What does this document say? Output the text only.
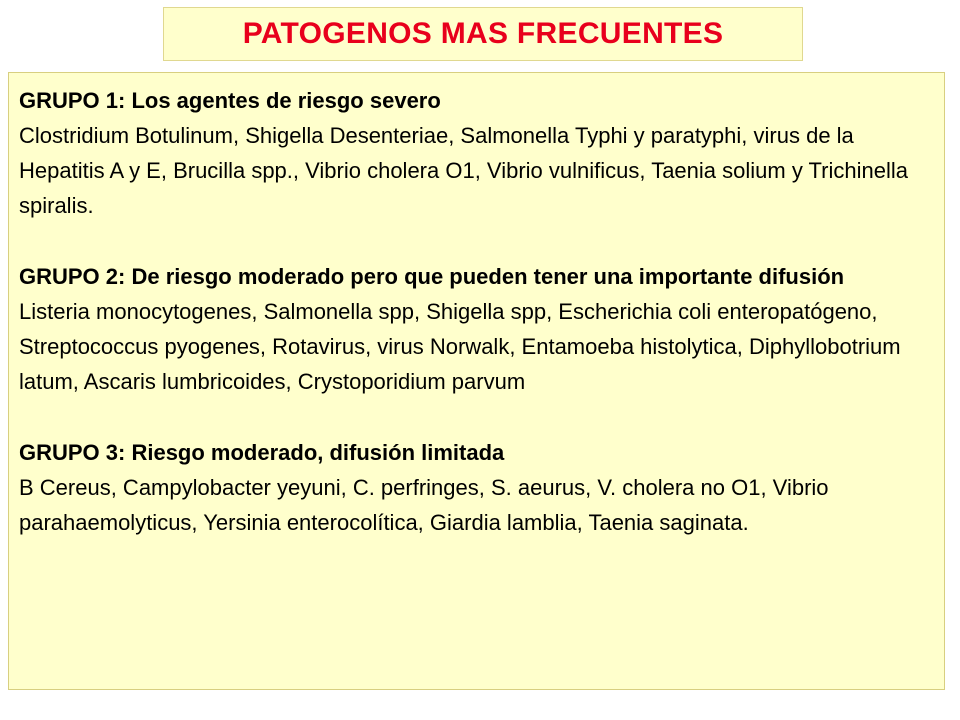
PATOGENOS MAS FRECUENTES
GRUPO 1: Los agentes de riesgo severo
Clostridium Botulinum, Shigella Desenteriae, Salmonella Typhi y paratyphi, virus de la Hepatitis A y E, Brucilla spp., Vibrio cholera O1, Vibrio vulnificus, Taenia solium y Trichinella spiralis.
GRUPO 2: De riesgo moderado pero que pueden tener una importante difusión
Listeria monocytogenes, Salmonella spp, Shigella spp, Escherichia coli enteropatógeno, Streptococcus pyogenes, Rotavirus, virus Norwalk, Entamoeba histolytica, Diphyllobotrium latum, Ascaris lumbricoides, Crystoporidium parvum
GRUPO 3: Riesgo moderado, difusión limitada
B Cereus, Campylobacter yeyuni, C. perfringes, S. aeurus, V. cholera no O1, Vibrio parahaemolyticus, Yersinia enterocolítica, Giardia lamblia, Taenia saginata.
